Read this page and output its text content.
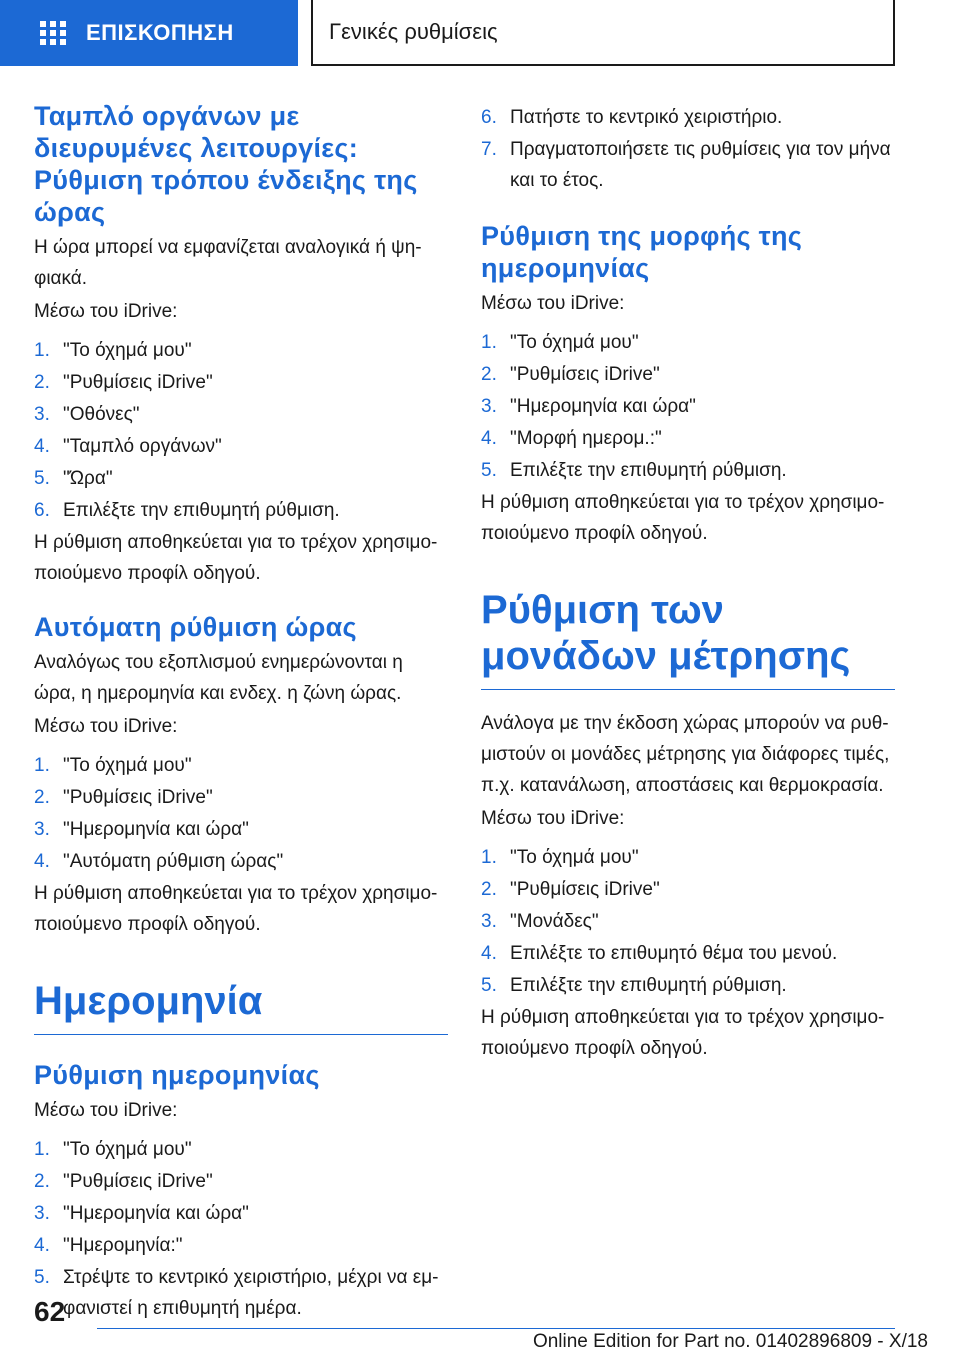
ΕΠΙΣΚΟΠΗΣΗ	Γενικές ρυθμίσεις
Ταμπλό οργάνων με διευρυμένες λειτουργίες: Ρύθμιση τρόπου ένδειξης της ώρας

Η ώρα μπορεί να εμφανίζεται αναλογικά ή ψη-φιακά.

Μέσω του iDrive:

1. "Το όχημά μου"
2. "Ρυθμίσεις iDrive"
3. "Οθόνες"
4. "Ταμπλό οργάνων"
5. "Ώρα"
6. Επιλέξτε την επιθυμητή ρύθμιση.

Η ρύθμιση αποθηκεύεται για το τρέχον χρησιμο-ποιούμενο προφίλ οδηγού.

Αυτόματη ρύθμιση ώρας

Αναλόγως του εξοπλισμού ενημερώνονται η ώρα, η ημερομηνία και ενδεχ. η ζώνη ώρας.

Μέσω του iDrive:

1. "Το όχημά μου"
2. "Ρυθμίσεις iDrive"
3. "Ημερομηνία και ώρα"
4. "Αυτόματη ρύθμιση ώρας"

Η ρύθμιση αποθηκεύεται για το τρέχον χρησιμο-ποιούμενο προφίλ οδηγού.

Ημερομηνία
Ρύθμιση ημερομηνίας

Μέσω του iDrive:

1. "Το όχημά μου"
2. "Ρυθμίσεις iDrive"
3. "Ημερομηνία και ώρα"
4. "Ημερομηνία:"
5. Στρέψτε το κεντρικό χειριστήριο, μέχρι να εμ-φανιστεί η επιθυμητή ημέρα.
6. Πατήστε το κεντρικό χειριστήριο.
7. Πραγματοποιήσετε τις ρυθμίσεις για τον μήνα και το έτος.
Ρύθμιση της μορφής της ημερομηνίας

Μέσω του iDrive:

1. "Το όχημά μου"
2. "Ρυθμίσεις iDrive"
3. "Ημερομηνία και ώρα"
4. "Μορφή ημερομ.:"
5. Επιλέξτε την επιθυμητή ρύθμιση.

Η ρύθμιση αποθηκεύεται για το τρέχον χρησιμο-ποιούμενο προφίλ οδηγού.

Ρύθμιση των μονάδων μέτρησης

Ανάλογα με την έκδοση χώρας μπορούν να ρυθ-μιστούν οι μονάδες μέτρησης για διάφορες τιμές, π.χ. κατανάλωση, αποστάσεις και θερμοκρασία.

Μέσω του iDrive:

1. "Το όχημά μου"
2. "Ρυθμίσεις iDrive"
3. "Μονάδες"
4. Επιλέξτε το επιθυμητό θέμα του μενού.
5. Επιλέξτε την επιθυμητή ρύθμιση.

Η ρύθμιση αποθηκεύεται για το τρέχον χρησιμο-ποιούμενο προφίλ οδηγού.

62
Online Edition for Part no. 01402896809 - X/18
